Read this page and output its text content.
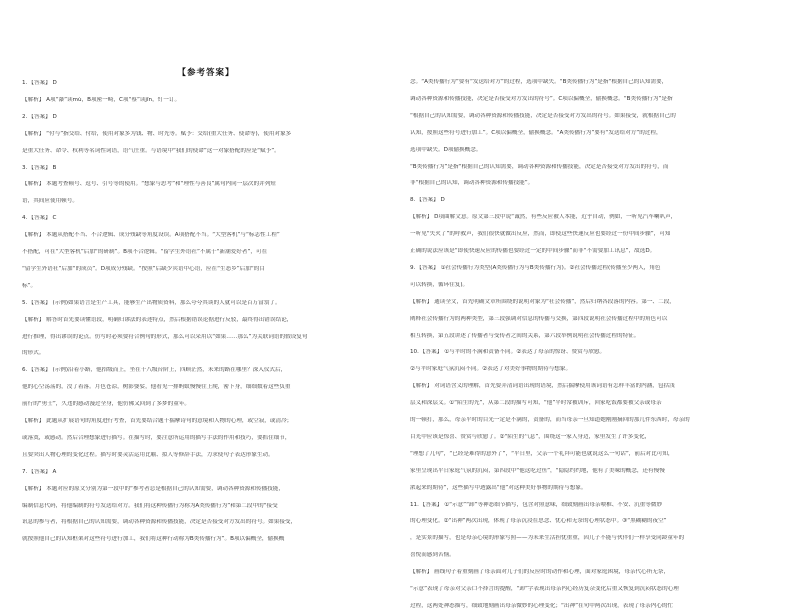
【参考答案】
1．【答案】 D
【解析】 A项“瀑”读mù，B项密一畸，C项“蔡”读jīn，钉一订。
2．【答案】 D
【解析】 “付与”指交给、付给，使用对象多为钱、物、时光等。赋予：交给(重大任务、使命等)，使用对象多
是重大任务、命令、权利等名词性词语，语气庄重。与语境中“我们的使命”这一对象搭配的应是“赋予”。
3．【答案】 B
【解析】 本题考查顿号、逗号、引号等的使用。“想象与思考”和“理性与善良”属句内同一层次的并列短
语，其间应使用顿号。
4．【答案】 C
【解析】 本题从搭配不当、不合逻辑、成分残缺等角度设误。A项搭配不当。“大型客机”与“标志性工程”
不搭配，可在“大型客机”后加“的研制”。B项不合逻辑。“留学生外语社”不属于“新潮爱好者”，可在
“留学生外语社”后加“的成员”。D项成分残缺。“按照”后缺少宾语中心语，应在“生态乡”后加“的目
标”。
5．【答案】 (示例)如果语言是生产工具，能够生产出物质资料，那么夸夸其谈的人就可以是百万富翁了。
【解析】 解答时首先要读懂语段，明确归谬法的表述特点，然后根据错误论据进行反驳，最终得出错误结论，
进行推理，得出谬误的论点。仿写时必须要符合例句的形式，那么可以采用以“如果……那么”为关联词语的假设复句
的形式。
6．【答案】 (示例)沿着小路，他拾级而上，坐在十八级台阶上，四顾茫然，未来的路在哪里？深入仪式后，
他的心空荡荡的，没了着落。月色苍凉，树影婆娑，他看见一排蚂蚁慢慢往上爬，密下身，细细数着这些负重
前行的“勇士”，久违的感动漫过全身，他仿佛又回到了多梦的童年。
【解析】 此题从扩展语句的角度进行考查，首先要结合题干揣摩诗句的意境和人物的心理，或空寂，或清冷；
或落寞，或感动。然后合理想象进行描写。在描写时，要注意所运用的描写手法的作用和技巧，要抓住细节，
且要突出人物心理的变化过程。描写时要灵活运用比喻、拟人等修辞手法，力求使句子表达形象生动。
7．【答案】 A
【解析】 本题对应的原文分别为第一段中的“参考者总是根据自己的认知需要，调动各种资源和传播技能，
编制信息代码，将他编制的符号发送给对方。我们将这种传播行为称为A类传播行为”和第二段中的“接受
讯息的参与者，将根据自己的认知需要，调动各种资源和传播技能，决定是否接受对方发出的符号。如果接受，
就按照他自己的认知框架对这些符号进行加工，我们将这种行动称为B类传播行为”。B项以偏概全，偷换概
念。“A类传播行为”要有“发送给对方”的过程，选项中缺失。“B类传播行为”是指“根据自己的认知需要，
调动各种资源和传播技能，决定是否接受对方发出的符号”。C项以偏概全，偷换概念。“B类传播行为”是指
“根据自己的认知需要，调动各种资源和传播技能，决定是否接受对方发出的符号。如果接受，就根据自己的
认知，按照这些符号进行加工”。C项以偏概全，偷换概念。“A类传播行为”要有“发送给对方”的过程，
选项中缺失。D项偷换概念。
“B类传播行为”是指“根据自己的认知需要，调动各种资源和传播技能，决定是否接受对方发出的符号，而
非“根据自己的认知，调动各种资源和传播技能”。
8．【答案】 D
【解析】 D项曲解文意。原文第三段中说“诚然，有些反应被人本能，近乎自动，例如，一听见汽车喇叭声，
一听见“失火了”的呼救声，我们很快就做出反应，然而，即使这些快速反应也要经过一份中间步骤”，可知
正确的说法应该是“即使快速反应的传播也要经过一定的中间步骤”而非“不需要加工讯息”，故选D。
9．【答案】 ①社会传播行为类型(A类传播行为与B类传播行为)。②社会传播过程(传播至少两人，角色
可以转换，循环往复)。
【解析】 通读全文，首先明确文章所围绕的说明对象为“社会传播”，然后归纳各段落的内容。第一、二段，
阐释社会传播行为的两种类型，第三段强调对信息的传播与交换，第四段说明社会传播过程中的角色可以
相互转换，第五段讲述了传播者与受传者之间的关系，第六段举例说明社会传播过程的特征。
10．【答案】 ①与平时的不满和责备不同。②表达了母亲的惊讶、赞赏与欣慰。
②与平时家庭气氛沉闷不同。②表达了对美好事物的期待与想象。
【解析】 对词语含义的理解，首先要弄清词语出现的语境，然后揣摩使用该词语有怎样丰富的内涵，包括浅
层义和深层义。①“陌生的光”，从第二段的描写可知，“他”平时常被训斥，回家吃饭都要被父亲或母亲
的一顿打，那么，母亲平时的目光一定是不满的，责备的，而当母亲一旦知道她刚刚摘回的那几件东西时，母亲的
目光中应该是惊喜、赞赏与欣慰了。②“陌生的气息”，围绕这一家人身边，家里发生了许多变化，
“理想了几句”，“已经是难得的意外了”，“平日里，父亲一个礼拜可能也就说这么一句话”，前后对比可知，
家里呈现出平日家庭气氛的沉闷，第四段中“他这吃过鱼”，“隐隐约约地，他有了美味的概念，还有慢慢
浓起来的期待”，这些描写中透露出“他”对这种美好事物的期待与想象。
11．【答案】 ①“示意”“卸”等神态细节描写，包含对照意味，细致刻画出母亲喂稚、不安、沉重等微妙
的心理变化。②“出神”两次出现，体现了母亲沉浸在思念、忧心和无奈的心理状态中。③“黑糊糊的夜空”
，是实景的描写，也是母亲心境的形象写照——为未来生活担忧重重，因儿子不能与伙伴们一样享受同龄童年的
喜悦而感到苦恼。
【解析】 画线句子着重刻画了母亲面对儿子们的反应时的动作和心理，面对家庭困境，母亲代心所无奈，
“示意”表现了母亲对父亲口不择言的提醒，“卸”字表现出母亲内心经历复杂变化后重又恢复到沉闷状态的心理
过程，这两处神态描写，细致地刻画出母亲微妙的心理变化；“出神”在句中两次出现，表现了母亲内心的忙
